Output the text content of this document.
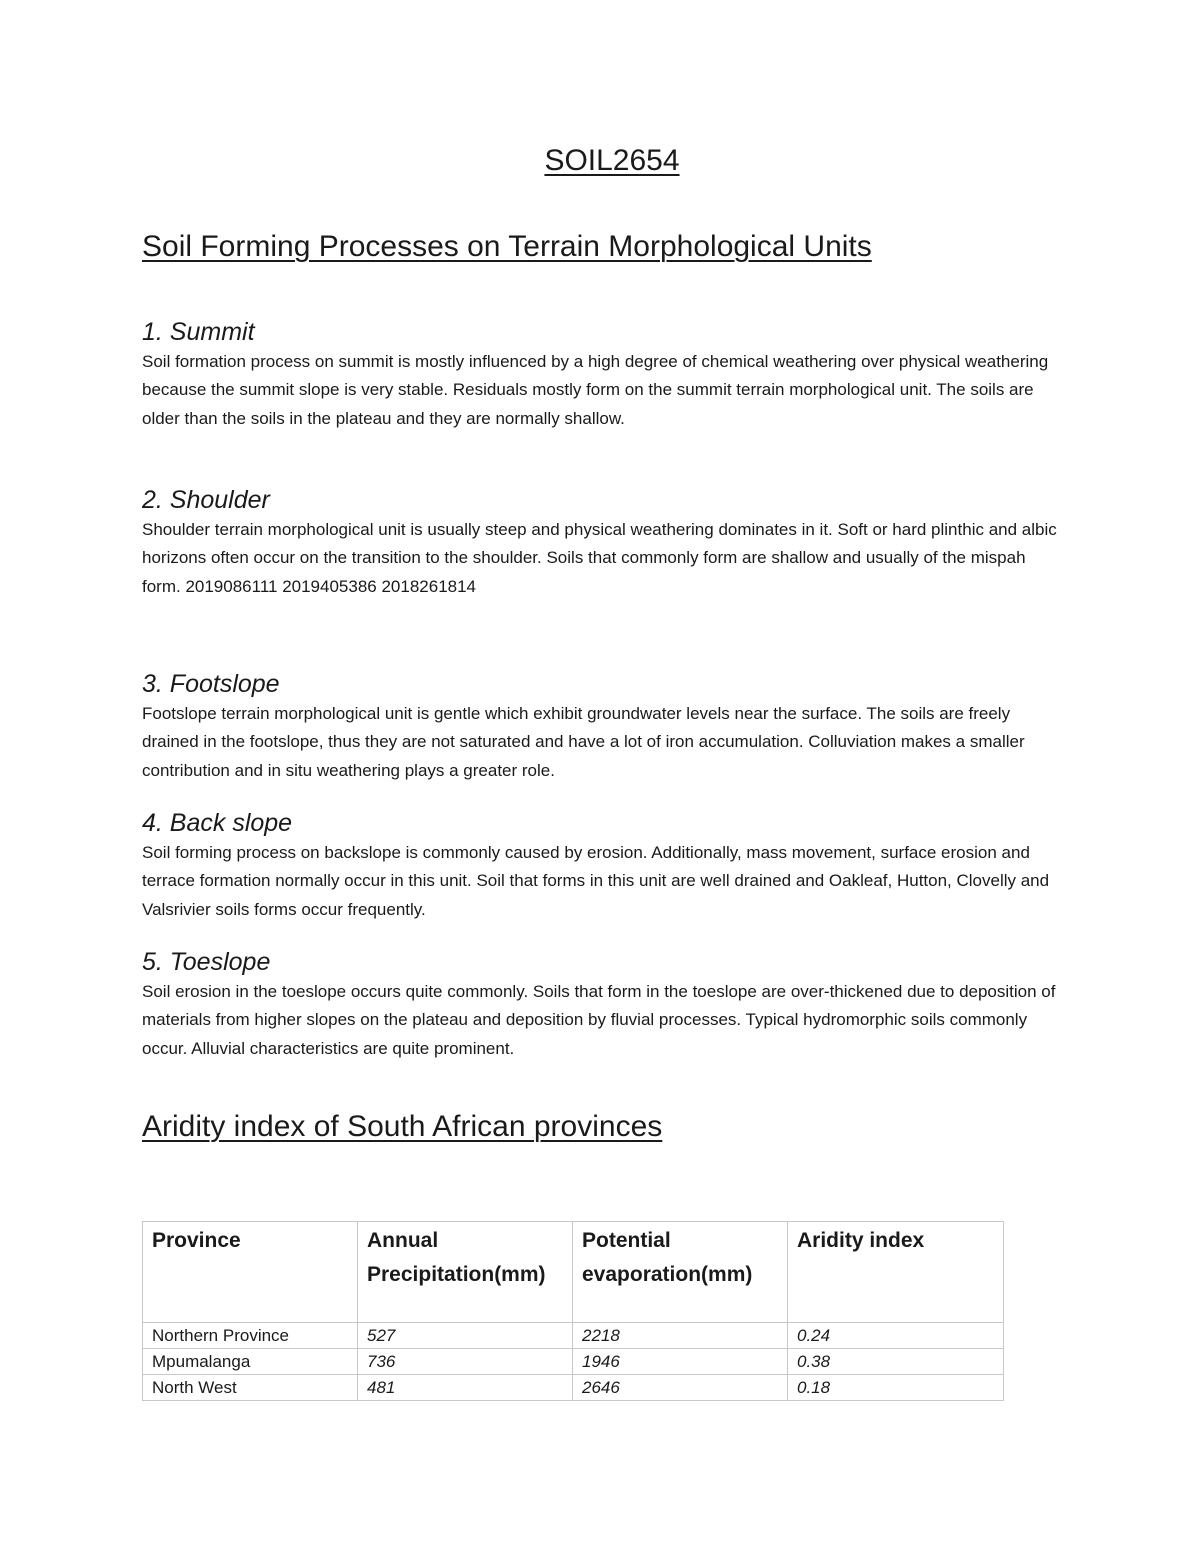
SOIL2654
Soil Forming Processes on Terrain Morphological Units
1. Summit

Soil formation process on summit is mostly influenced by a high degree of chemical weathering over physical weathering because the summit slope is very stable. Residuals mostly form on the summit terrain morphological unit. The soils are older than the soils in the plateau and they are normally shallow.

2. Shoulder

Shoulder terrain morphological unit is usually steep and physical weathering dominates in it. Soft or hard plinthic and albic horizons often occur on the transition to the shoulder. Soils that commonly form are shallow and usually of the mispah form. 2019086111 2019405386 2018261814

3. Footslope

Footslope terrain morphological unit is gentle which exhibit groundwater levels near the surface. The soils are freely drained in the footslope, thus they are not saturated and have a lot of iron accumulation. Colluviation makes a smaller contribution and in situ weathering plays a greater role.

4. Back slope

Soil forming process on backslope is commonly caused by erosion. Additionally, mass movement, surface erosion and terrace formation normally occur in this unit. Soil that forms in this unit are well drained and Oakleaf, Hutton, Clovelly and Valsrivier soils forms occur frequently.

5. Toeslope

Soil erosion in the toeslope occurs quite commonly. Soils that form in the toeslope are over-thickened due to deposition of materials from higher slopes on the plateau and deposition by fluvial processes. Typical hydromorphic soils commonly occur. Alluvial characteristics are quite prominent.

Aridity index of South African provinces
Province	Annual Precipitation(mm)	Potential evaporation(mm)	Aridity index
Northern Province	527	2218	0.24
Mpumalanga	736	1946	0.38
North West	481	2646	0.18
